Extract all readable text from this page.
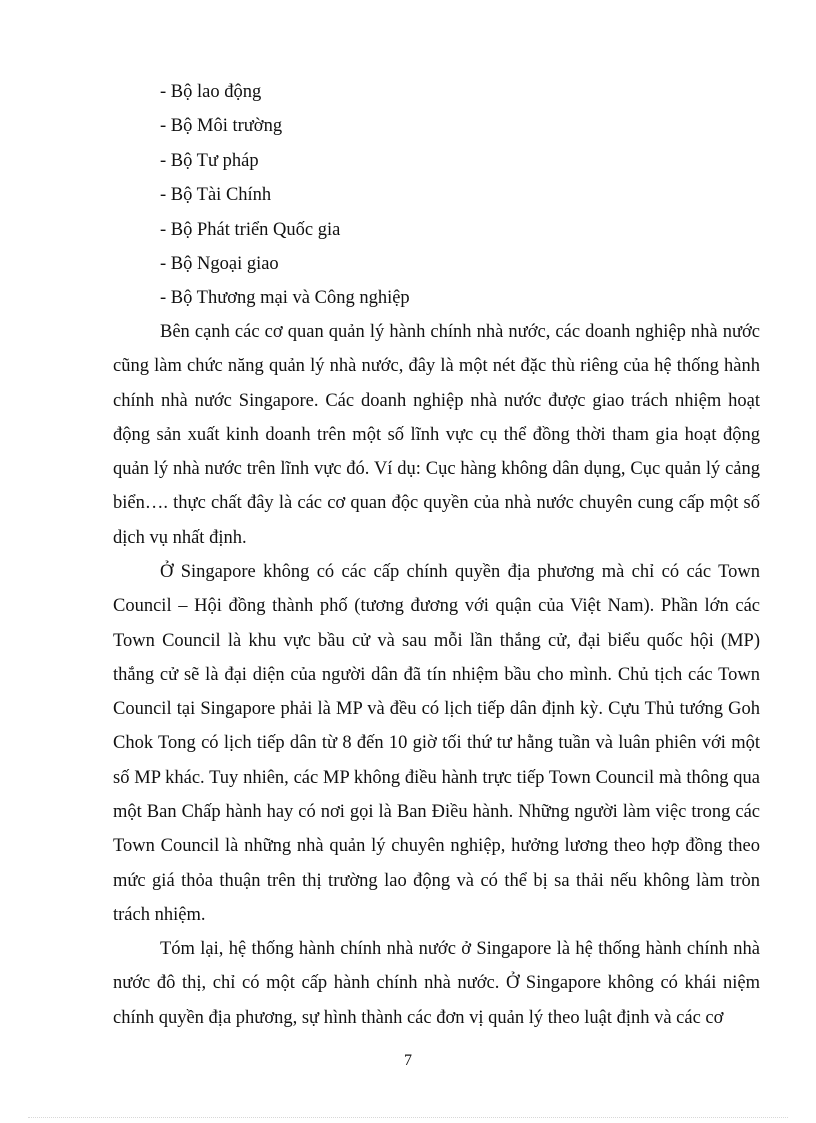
- Bộ lao động
- Bộ Môi trường
- Bộ Tư pháp
- Bộ Tài Chính
- Bộ Phát triển Quốc gia
- Bộ Ngoại giao
- Bộ Thương mại và Công nghiệp

Bên cạnh các cơ quan quản lý hành chính nhà nước, các doanh nghiệp nhà nước cũng làm chức năng quản lý nhà nước, đây là một nét đặc thù riêng của hệ thống hành chính nhà nước Singapore. Các doanh nghiệp nhà nước được giao trách nhiệm hoạt động sản xuất kinh doanh trên một số lĩnh vực cụ thể đồng thời tham gia hoạt động quản lý nhà nước trên lĩnh vực đó. Ví dụ: Cục hàng không dân dụng, Cục quản lý cảng biển…. thực chất đây là các cơ quan độc quyền của nhà nước chuyên cung cấp một số dịch vụ nhất định.

Ở Singapore không có các cấp chính quyền địa phương mà chỉ có các Town Council – Hội đồng thành phố (tương đương với quận của Việt Nam). Phần lớn các Town Council là khu vực bầu cử và sau mỗi lần thắng cử, đại biểu quốc hội (MP) thắng cử sẽ là đại diện của người dân đã tín nhiệm bầu cho mình. Chủ tịch các Town Council tại Singapore phải là MP và đều có lịch tiếp dân định kỳ. Cựu Thủ tướng Goh Chok Tong có lịch tiếp dân từ 8 đến 10 giờ tối thứ tư hằng tuần và luân phiên với một số MP khác. Tuy nhiên, các MP không điều hành trực tiếp Town Council mà thông qua một Ban Chấp hành hay có nơi gọi là Ban Điều hành. Những người làm việc trong các Town Council là những nhà quản lý chuyên nghiệp, hưởng lương theo hợp đồng theo mức giá thỏa thuận trên thị trường lao động và có thể bị sa thải nếu không làm tròn trách nhiệm.

Tóm lại, hệ thống hành chính nhà nước ở Singapore là hệ thống hành chính nhà nước đô thị, chỉ có một cấp hành chính nhà nước. Ở Singapore không có khái niệm chính quyền địa phương, sự hình thành các đơn vị quản lý theo luật định và các cơ

7
